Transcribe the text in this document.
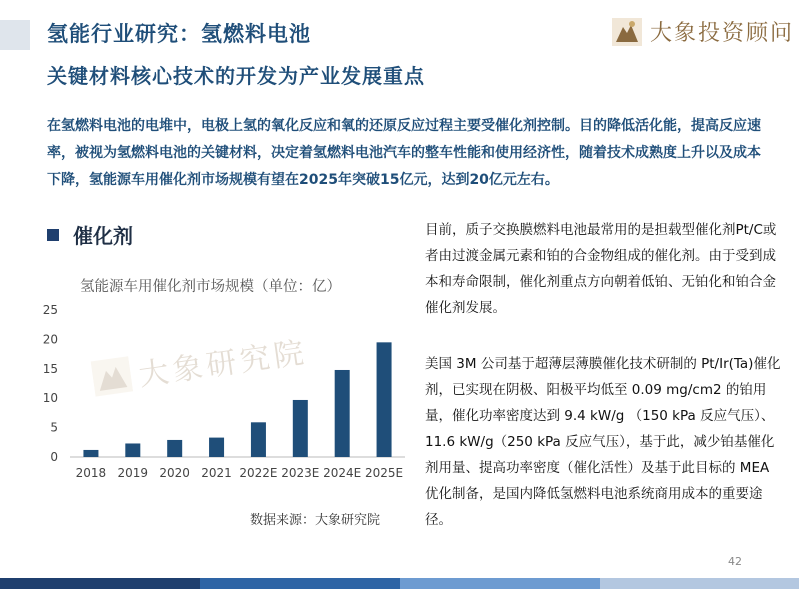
氢能行业研究：氢燃料电池
关键材料核心技术的开发为产业发展重点
大象投资顾问
在氢燃料电池的电堆中，电极上氢的氧化反应和氧的还原反应过程主要受催化剂控制。目的降低活化能，提高反应速率，被视为氢燃料电池的关键材料，决定着氢燃料电池汽车的整车性能和使用经济性，随着技术成熟度上升以及成本下降，氢能源车用催化剂市场规模有望在2025年突破15亿元，达到20亿元左右。
催化剂
氢能源车用催化剂市场规模（单位：亿）
0
5
10
15
20
25
2018 2019 2020 2021 2022E 2023E 2024E 2025E
大象研究院
数据来源：大象研究院
目前，质子交换膜燃料电池最常用的是担载型催化剂Pt/C或者由过渡金属元素和铂的合金物组成的催化剂。由于受到成本和寿命限制，催化剂重点方向朝着低铂、无铂化和铂合金催化剂发展。
美国 3M 公司基于超薄层薄膜催化技术研制的 Pt/Ir(Ta)催化剂，已实现在阴极、阳极平均低至 0.09 mg/cm2 的铂用量，催化功率密度达到 9.4 kW/g （150 kPa 反应气压）、11.6 kW/g（250 kPa 反应气压），基于此，减少铂基催化剂用量、提高功率密度（催化活性）及基于此目标的 MEA 优化制备，是国内降低氢燃料电池系统商用成本的重要途径。
42
